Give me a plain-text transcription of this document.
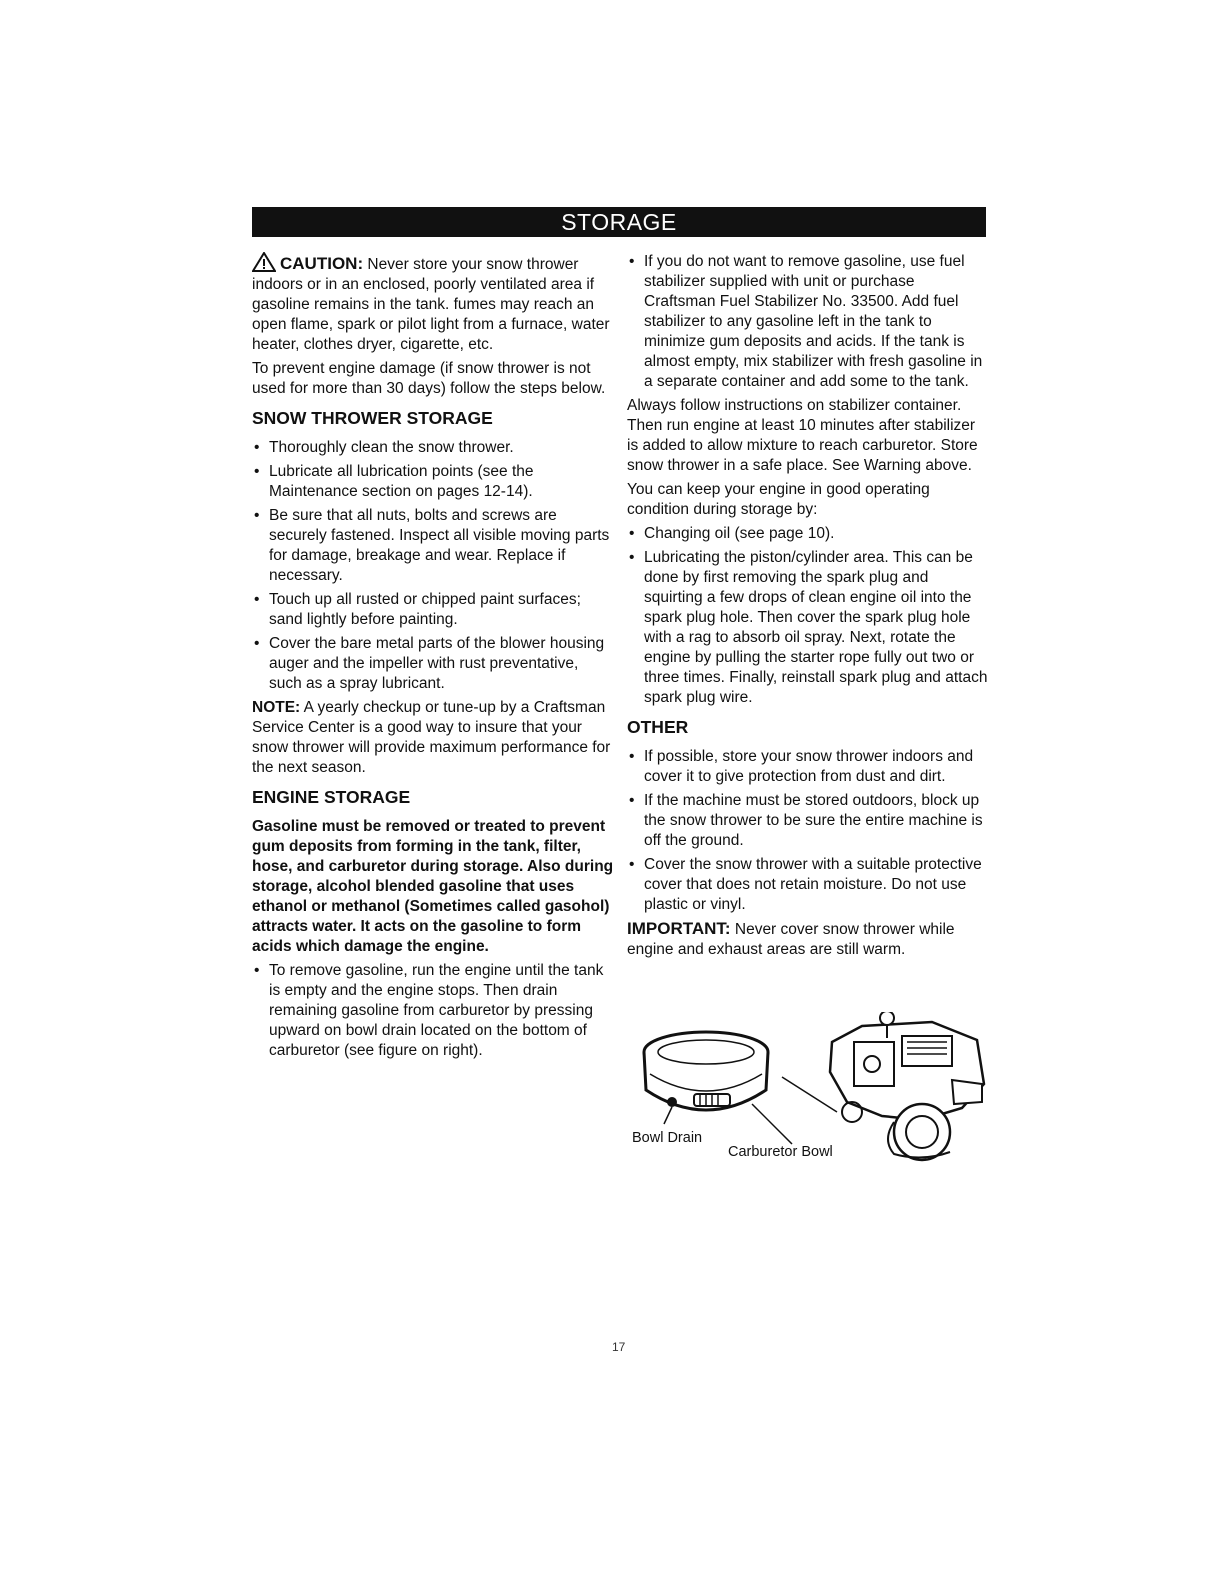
STORAGE

CAUTION: Never store your snow thrower indoors or in an enclosed, poorly ventilated area if gasoline remains in the tank. fumes may reach an open flame, spark or pilot light from a furnace, water heater, clothes dryer, cigarette, etc.

To prevent engine damage (if snow thrower is not used for more than 30 days) follow the steps below.

SNOW THROWER STORAGE
• Thoroughly clean the snow thrower.
• Lubricate all lubrication points (see the Maintenance section on pages 12-14).
• Be sure that all nuts, bolts and screws are securely fastened. Inspect all visible moving parts for damage, breakage and wear. Replace if necessary.
• Touch up all rusted or chipped paint surfaces; sand lightly before painting.
• Cover the bare metal parts of the blower housing auger and the impeller with rust preventative, such as a spray lubricant.

NOTE: A yearly checkup or tune-up by a Craftsman Service Center is a good way to insure that your snow thrower will provide maximum performance for the next season.

ENGINE STORAGE

Gasoline must be removed or treated to prevent gum deposits from forming in the tank, filter, hose, and carburetor during storage. Also during storage, alcohol blended gasoline that uses ethanol or methanol (Sometimes called gasohol) attracts water. It acts on the gasoline to form acids which damage the engine.

• To remove gasoline, run the engine until the tank is empty and the engine stops. Then drain remaining gasoline from carburetor by pressing upward on bowl drain located on the bottom of carburetor (see figure on right).
• If you do not want to remove gasoline, use fuel stabilizer supplied with unit or purchase Craftsman Fuel Stabilizer No. 33500. Add fuel stabilizer to any gasoline left in the tank to minimize gum deposits and acids. If the tank is almost empty, mix stabilizer with fresh gasoline in a separate container and add some to the tank.

Always follow instructions on stabilizer container. Then run engine at least 10 minutes after stabilizer is added to allow mixture to reach carburetor. Store snow thrower in a safe place. See Warning above.

You can keep your engine in good operating condition during storage by:

• Changing oil (see page 10).
• Lubricating the piston/cylinder area. This can be done by first removing the spark plug and squirting a few drops of clean engine oil into the spark plug hole. Then cover the spark plug hole with a rag to absorb oil spray. Next, rotate the engine by pulling the starter rope fully out two or three times. Finally, reinstall spark plug and attach spark plug wire.
OTHER
• If possible, store your snow thrower indoors and cover it to give protection from dust and dirt.
• If the machine must be stored outdoors, block up the snow thrower to be sure the entire machine is off the ground.
• Cover the snow thrower with a suitable protective cover that does not retain moisture. Do not use plastic or vinyl.

IMPORTANT: Never cover snow thrower while engine and exhaust areas are still warm.

Bowl Drain
Carburetor Bowl
17
